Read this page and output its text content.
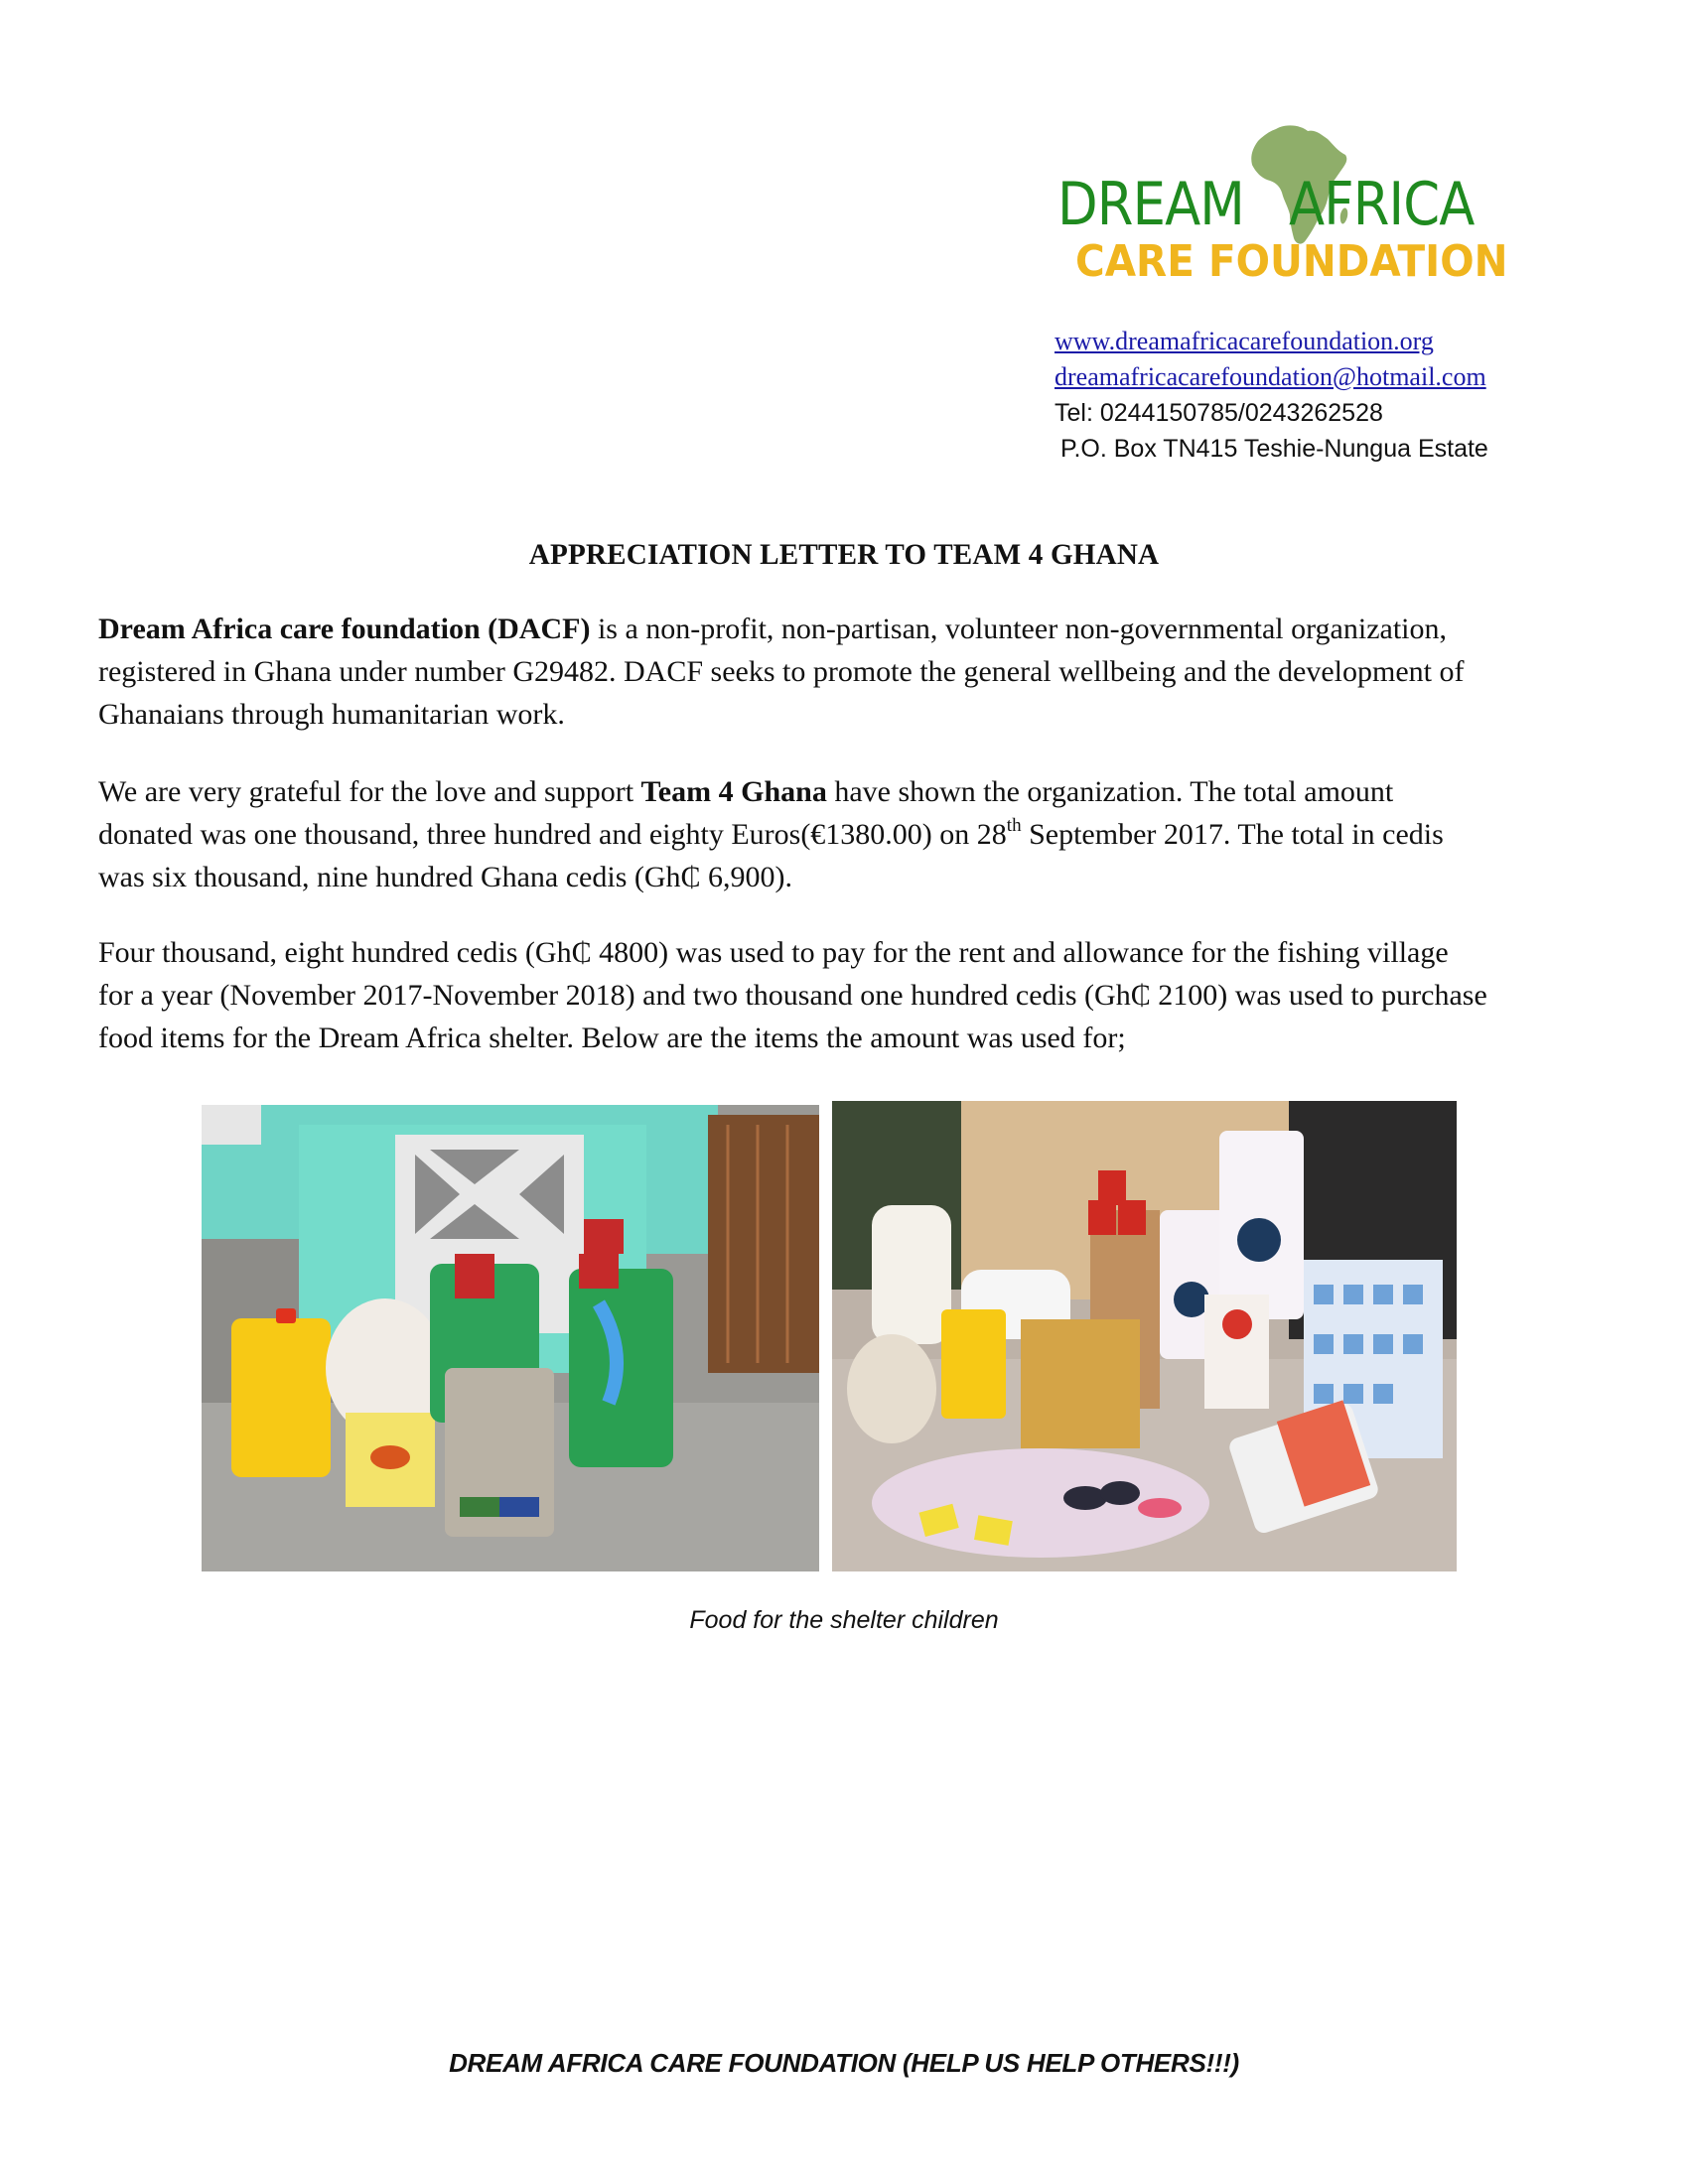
DREAM AFRICA
CARE FOUNDATION
www.dreamafricacarefoundation.org
dreamafricacarefoundation@hotmail.com
Tel: 0244150785/0243262528
P.O. Box TN415 Teshie-Nungua Estate
APPRECIATION LETTER TO TEAM 4 GHANA
Dream Africa care foundation (DACF) is a non-profit, non-partisan, volunteer non-governmental organization,
registered in Ghana under number G29482. DACF seeks to promote the general wellbeing and the development of
Ghanaians through humanitarian work.
We are very grateful for the love and support Team 4 Ghana have shown the organization. The total amount
donated was one thousand, three hundred and eighty Euros(€1380.00) on 28th September 2017. The total in cedis
was six thousand, nine hundred Ghana cedis (Gh₵ 6,900).
Four thousand, eight hundred cedis (Gh₵ 4800) was used to pay for the rent and allowance for the fishing village
for a year (November 2017-November 2018) and two thousand one hundred cedis (Gh₵ 2100) was used to purchase
food items for the Dream Africa shelter. Below are the items the amount was used for;
Food for the shelter children
DREAM AFRICA CARE FOUNDATION (HELP US HELP OTHERS!!!)
